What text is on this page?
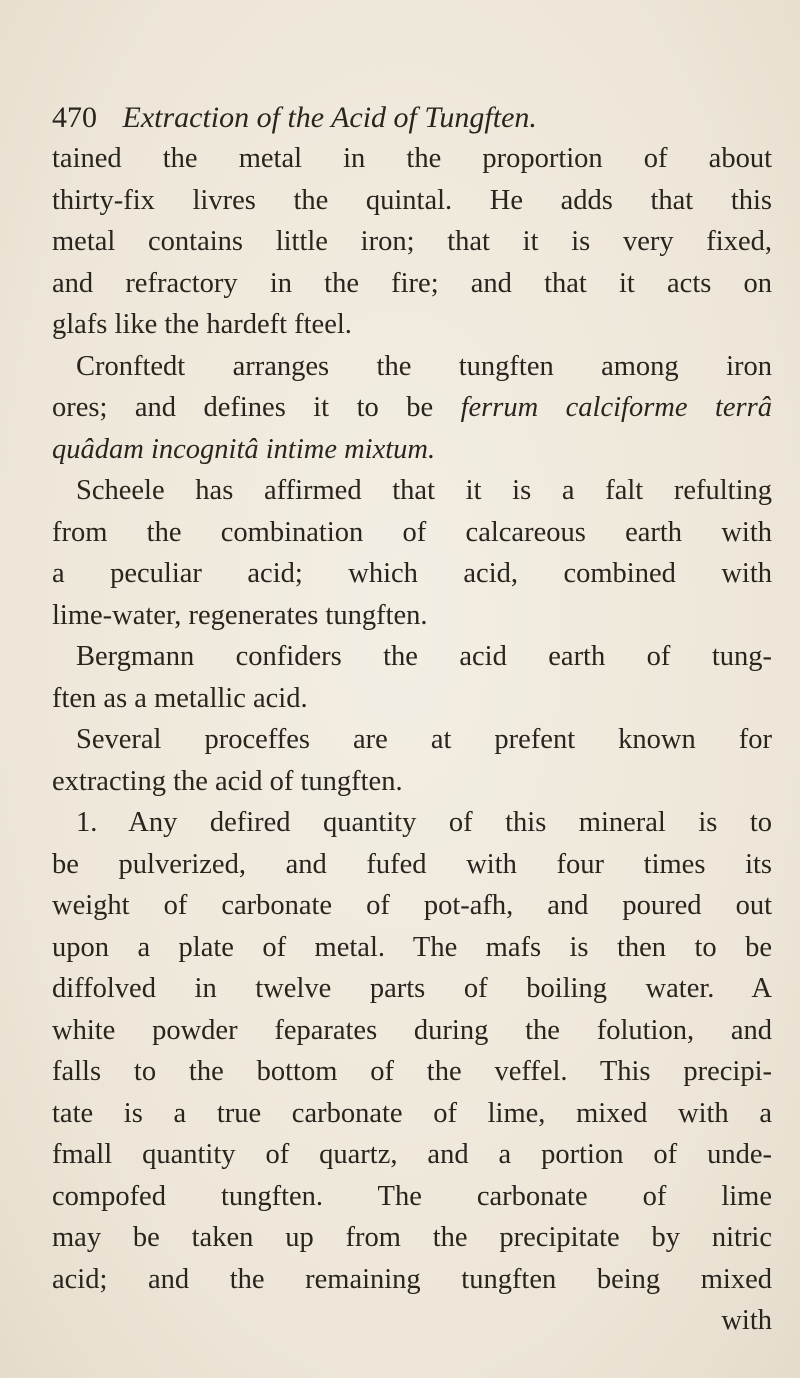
470 Extraction of the Acid of Tungften.
tained the metal in the proportion of about
thirty-fix livres the quintal. He adds that this
metal contains little iron; that it is very fixed,
and refractory in the fire; and that it acts on
glafs like the hardeft fteel.
Cronftedt arranges the tungften among iron
ores; and defines it to be ferrum calciforme terrâ
quâdam incognitâ intime mixtum.
Scheele has affirmed that it is a falt refulting
from the combination of calcareous earth with
a peculiar acid; which acid, combined with
lime-water, regenerates tungften.
Bergmann confiders the acid earth of tung-
ften as a metallic acid.
Several proceffes are at prefent known for
extracting the acid of tungften.
1. Any defired quantity of this mineral is to
be pulverized, and fufed with four times its
weight of carbonate of pot-afh, and poured out
upon a plate of metal. The mafs is then to be
diffolved in twelve parts of boiling water. A
white powder feparates during the folution, and
falls to the bottom of the veffel. This precipi-
tate is a true carbonate of lime, mixed with a
fmall quantity of quartz, and a portion of unde-
compofed tungften. The carbonate of lime
may be taken up from the precipitate by nitric
acid; and the remaining tungften being mixed
with
